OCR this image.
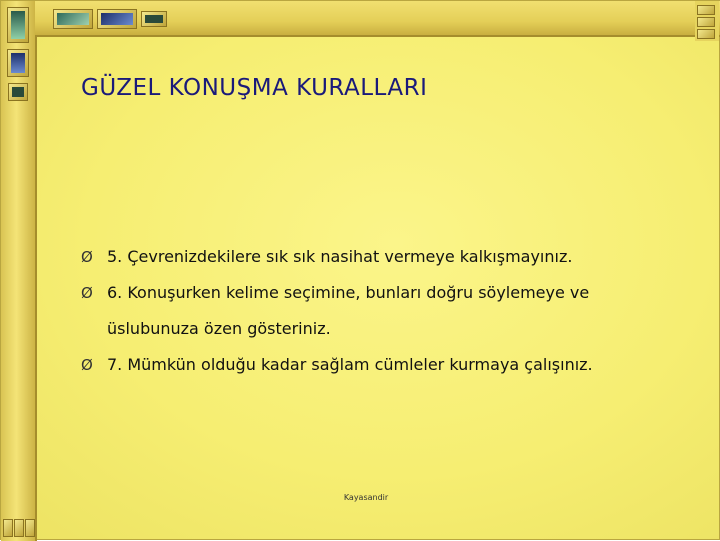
GÜZEL KONUŞMA KURALLARI
Ø 5. Çevrenizdekilere sık sık nasihat vermeye kalkışmayınız.
Ø 6. Konuşurken kelime seçimine, bunları doğru söylemeye ve üslubunuza özen gösteriniz.
Ø 7. Mümkün olduğu kadar sağlam cümleler kurmaya çalışınız.
Kayasandir
